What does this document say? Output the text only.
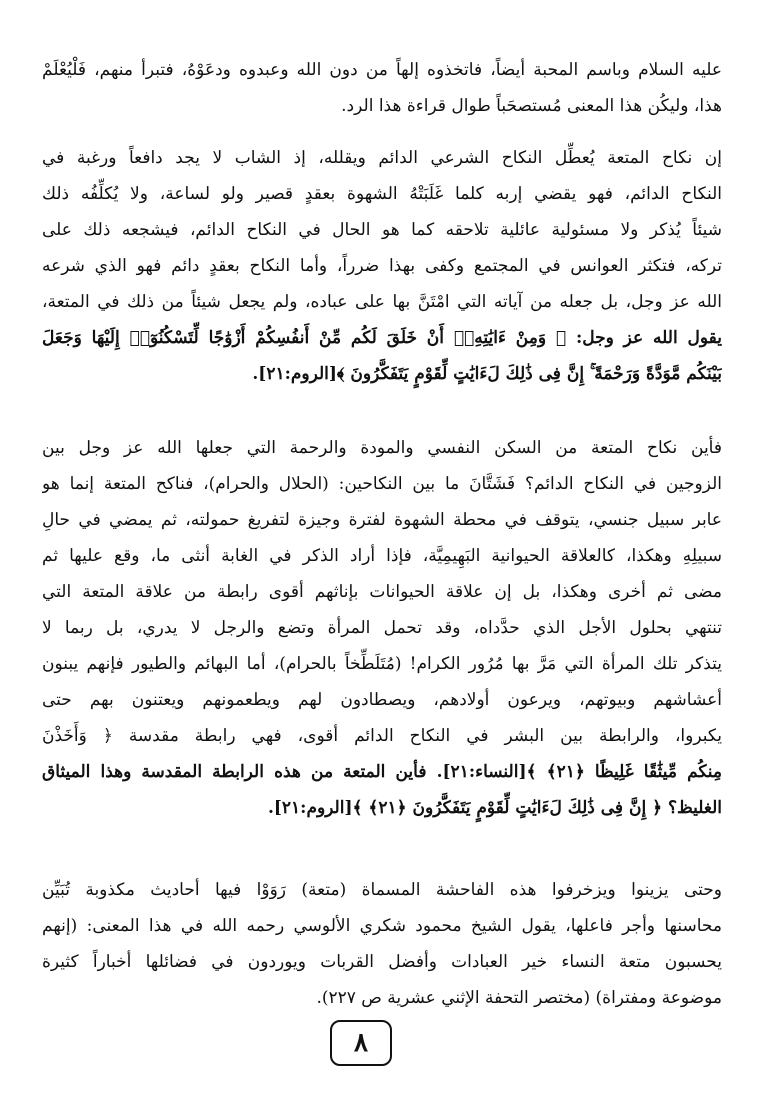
عليه السلام وباسم المحبة أيضاً، فاتخذوه إلهاً من دون الله وعبدوه ودعَوْهُ، فتبرأ منهم، فَلْيُعْلَمْ
هذا، وليكُن هذا المعنى مُستصحَباً طوال قراءة هذا الرد.
إن نكاح المتعة يُعطِّل النكاح الشرعي الدائم ويقلله، إذ الشاب لا يجد دافعاً ورغبة في
النكاح الدائم، فهو يقضي إربه كلما غَلَبَتْهُ الشهوة بعقدٍ قصير ولو لساعة، ولا يُكلِّفُه ذلك
شيئاً يُذكر ولا مسئولية عائلية تلاحقه كما هو الحال في النكاح الدائم، فيشجعه ذلك على
تركه، فتكثر العوانس في المجتمع وكفى بهذا ضرراً، وأما النكاح بعقدٍ دائم فهو الذي شرعه
الله عز وجل، بل جعله من آياته التي امْتَنَّ بها على عباده، ولم يجعل شيئاً من ذلك في المتعة،
يقول الله عز وجل: ﴿ وَمِنْ ءَايَٰتِهِۦٓ أَنْ خَلَقَ لَكُم مِّنْ أَنفُسِكُمْ أَزْوَٰجًا لِّتَسْكُنُوٓا۟ إِلَيْهَا وَجَعَلَ
بَيْنَكُم مَّوَدَّةً وَرَحْمَةً ۚ إِنَّ فِى ذَٰلِكَ لَءَايَٰتٍ لِّقَوْمٍ يَتَفَكَّرُونَ ﴾[الروم:٢١].
فأين نكاح المتعة من السكن النفسي والمودة والرحمة التي جعلها الله عز وجل بين
الزوجين في النكاح الدائم؟ فَشَتَّانَ ما بين النكاحين: (الحلال والحرام)، فناكح المتعة إنما هو
عابر سبيل جنسي، يتوقف في محطة الشهوة لفترة وجيزة لتفريغ حمولته، ثم يمضي في حالِ
سبيلِهِ وهكذا، كالعلاقة الحيوانية البَهِيمِيَّة، فإذا أراد الذكر في الغابة أنثى ما، وقع عليها ثم
مضى ثم أخرى وهكذا، بل إن علاقة الحيوانات بإناثهم أقوى رابطة من علاقة المتعة التي
تنتهي بحلول الأجل الذي حدَّداه، وقد تحمل المرأة وتضع والرجل لا يدري، بل ربما لا
يتذكر تلك المرأة التي مَرَّ بها مُرُور الكرام! (مُتَلَطِّخاً بالحرام)، أما البهائم والطيور فإنهم يبنون
أعشاشهم وبيوتهم، ويرعون أولادهم، ويصطادون لهم ويطعمونهم ويعتنون بهم حتى
يكبروا، والرابطة بين البشر في النكاح الدائم أقوى، فهي رابطة مقدسة ﴿ وَأَخَذْنَ
مِنكُم مِّيثَٰقًا غَلِيظًا ﴿٢١﴾ ﴾[النساء:٢١]. فأين المتعة من هذه الرابطة المقدسة وهذا الميثاق
الغليظ؟ ﴿ إِنَّ فِى ذَٰلِكَ لَءَايَٰتٍ لِّقَوْمٍ يَتَفَكَّرُونَ ﴿٢١﴾ ﴾[الروم:٢١].
وحتى يزينوا ويزخرفوا هذه الفاحشة المسماة (متعة) رَوَوْا فيها أحاديث مكذوبة تُبَيِّن
محاسنها وأجر فاعلها، يقول الشيخ محمود شكري الألوسي رحمه الله في هذا المعنى: (إنهم
يحسبون متعة النساء خير العبادات وأفضل القربات ويوردون في فضائلها أخباراً كثيرة
موضوعة ومفتراة) (مختصر التحفة الإثني عشرية ص ٢٢٧).
٨
